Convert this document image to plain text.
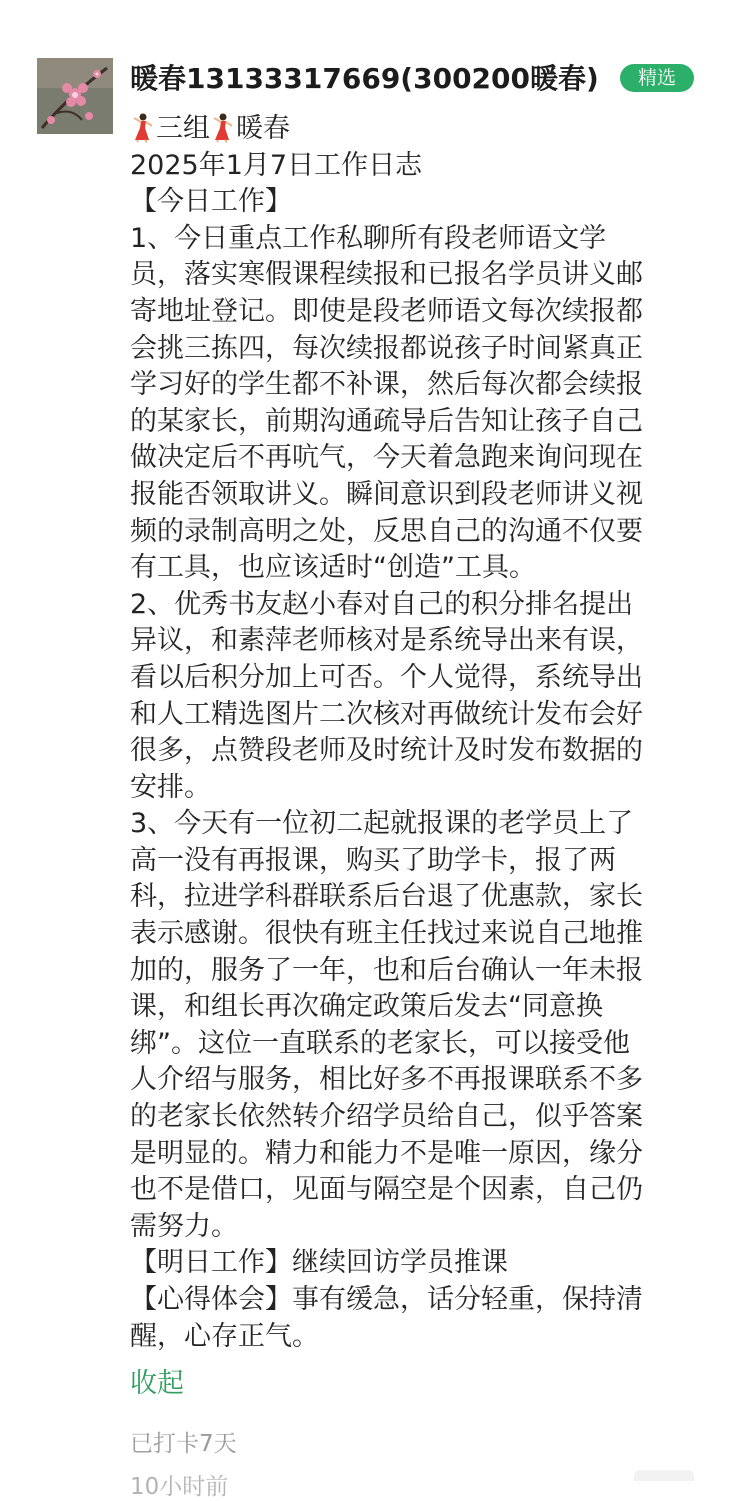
暖春13133317669(300200暖春)	精选
三组 暖春
2025年1月7日工作日志
【今日工作】
1、今日重点工作私聊所有段老师语文学
员，落实寒假课程续报和已报名学员讲义邮
寄地址登记。即使是段老师语文每次续报都
会挑三拣四，每次续报都说孩子时间紧真正
学习好的学生都不补课，然后每次都会续报
的某家长，前期沟通疏导后告知让孩子自己
做决定后不再吭气，今天着急跑来询问现在
报能否领取讲义。瞬间意识到段老师讲义视
频的录制高明之处，反思自己的沟通不仅要
有工具，也应该适时“创造”工具。
2、优秀书友赵小春对自己的积分排名提出
异议，和素萍老师核对是系统导出来有误，
看以后积分加上可否。个人觉得，系统导出
和人工精选图片二次核对再做统计发布会好
很多，点赞段老师及时统计及时发布数据的
安排。
3、今天有一位初二起就报课的老学员上了
高一没有再报课，购买了助学卡，报了两
科，拉进学科群联系后台退了优惠款，家长
表示感谢。很快有班主任找过来说自己地推
加的，服务了一年，也和后台确认一年未报
课，和组长再次确定政策后发去“同意换
绑”。这位一直联系的老家长，可以接受他
人介绍与服务，相比好多不再报课联系不多
的老家长依然转介绍学员给自己，似乎答案
是明显的。精力和能力不是唯一原因，缘分
也不是借口，见面与隔空是个因素，自己仍
需努力。
【明日工作】继续回访学员推课
【心得体会】事有缓急，话分轻重，保持清
醒，心存正气。
收起
已打卡7天
10小时前
